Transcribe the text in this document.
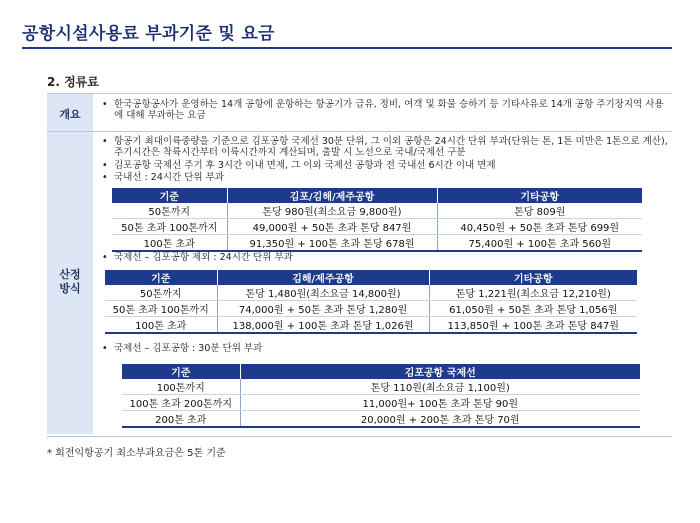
공항시설사용료 부과기준 및 요금
2. 정류료
개요
산정
방식
• 한국공항공사가 운영하는 14개 공항에 운항하는 항공기가 급유, 정비, 여객 및 화물 승하기 등 기타사유로 14개 공항 주기장지역 사용에 대해 부과하는 요금
• 항공기 최대이륙중량을 기준으로 김포공항 국제선 30분 단위, 그 이외 공항은 24시간 단위 부과(단위는 톤, 1톤 미만은 1톤으로 계산), 주기시간은 착륙시간부터 이륙시간까지 계산되며, 출발 시 노선으로 국내/국제선 구분
• 김포공항 국제선 주기 후 3시간 이내 면제, 그 이외 국제선 공항과 전 국내선 6시간 이내 면제
• 국내선 : 24시간 단위 부과
기준	김포/김해/제주공항	기타공항
50톤까지	톤당 980원(최소요금 9,800원)	톤당 809원
50톤 초과 100톤까지	49,000원 + 50톤 초과 톤당 847원	40,450원 + 50톤 초과 톤당 699원
100톤 초과	91,350원 + 100톤 초과 톤당 678원	75,400원 + 100톤 초과 560원
• 국제선 – 김포공항 제외 : 24시간 단위 부과
기준	김해/제주공항	기타공항
50톤까지	톤당 1,480원(최소요금 14,800원)	톤당 1,221원(최소요금 12,210원)
50톤 초과 100톤까지	74,000원 + 50톤 초과 톤당 1,280원	61,050원 + 50톤 초과 톤당 1,056원
100톤 초과	138,000원 + 100톤 초과 톤당 1,026원	113,850원 + 100톤 초과 톤당 847원
• 국제선 – 김포공항 : 30분 단위 부과
기준	김포공항 국제선
100톤까지	톤당 110원(최소요금 1,100원)
100톤 초과 200톤까지	11,000원+ 100톤 초과 톤당 90원
200톤 초과	20,000원 + 200톤 초과 톤당 70원
* 회전익항공기 최소부과요금은 5톤 기준
